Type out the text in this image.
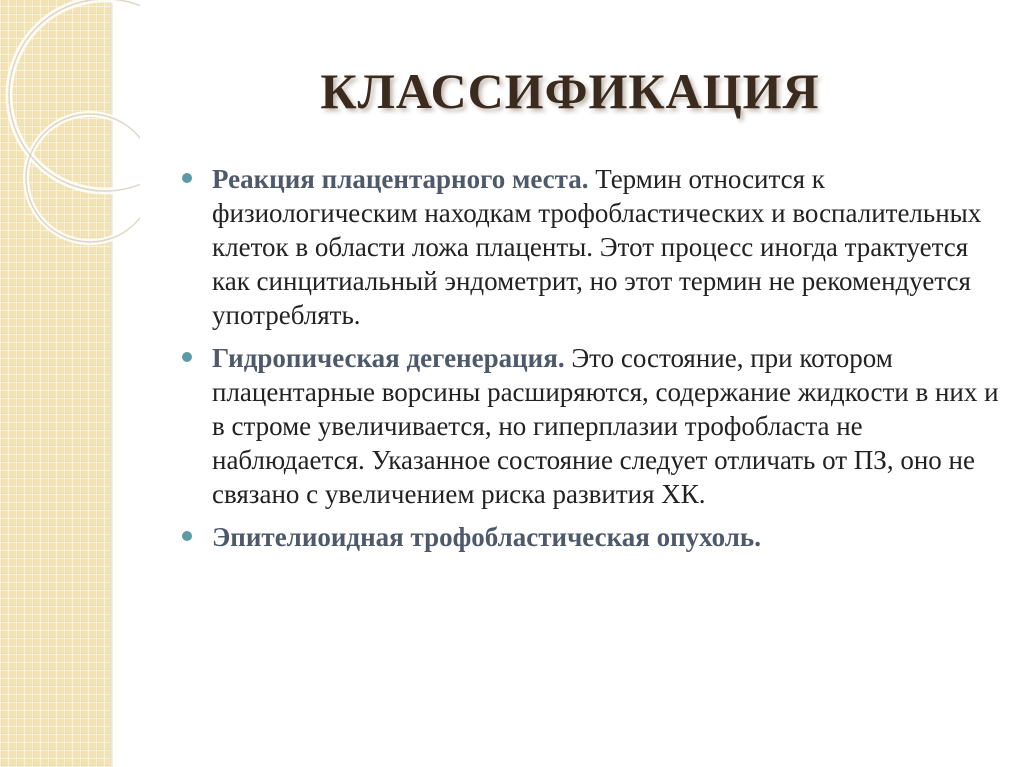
КЛАССИФИКАЦИЯ
Реакция плацентарного места. Термин относится к физиологическим находкам трофобластических и воспалительных клеток в области ложа плаценты. Этот процесс иногда трактуется как синцитиальный эндометрит, но этот термин не рекомендуется употреблять.
Гидропическая дегенерация. Это состояние, при котором плацентарные ворсины расширяются, содержание жидкости в них и в строме увеличивается, но гиперплазии трофобласта не наблюдается. Указанное состояние следует отличать от ПЗ, оно не связано с увеличением риска развития ХК.
Эпителиоидная трофобластическая опухоль.
